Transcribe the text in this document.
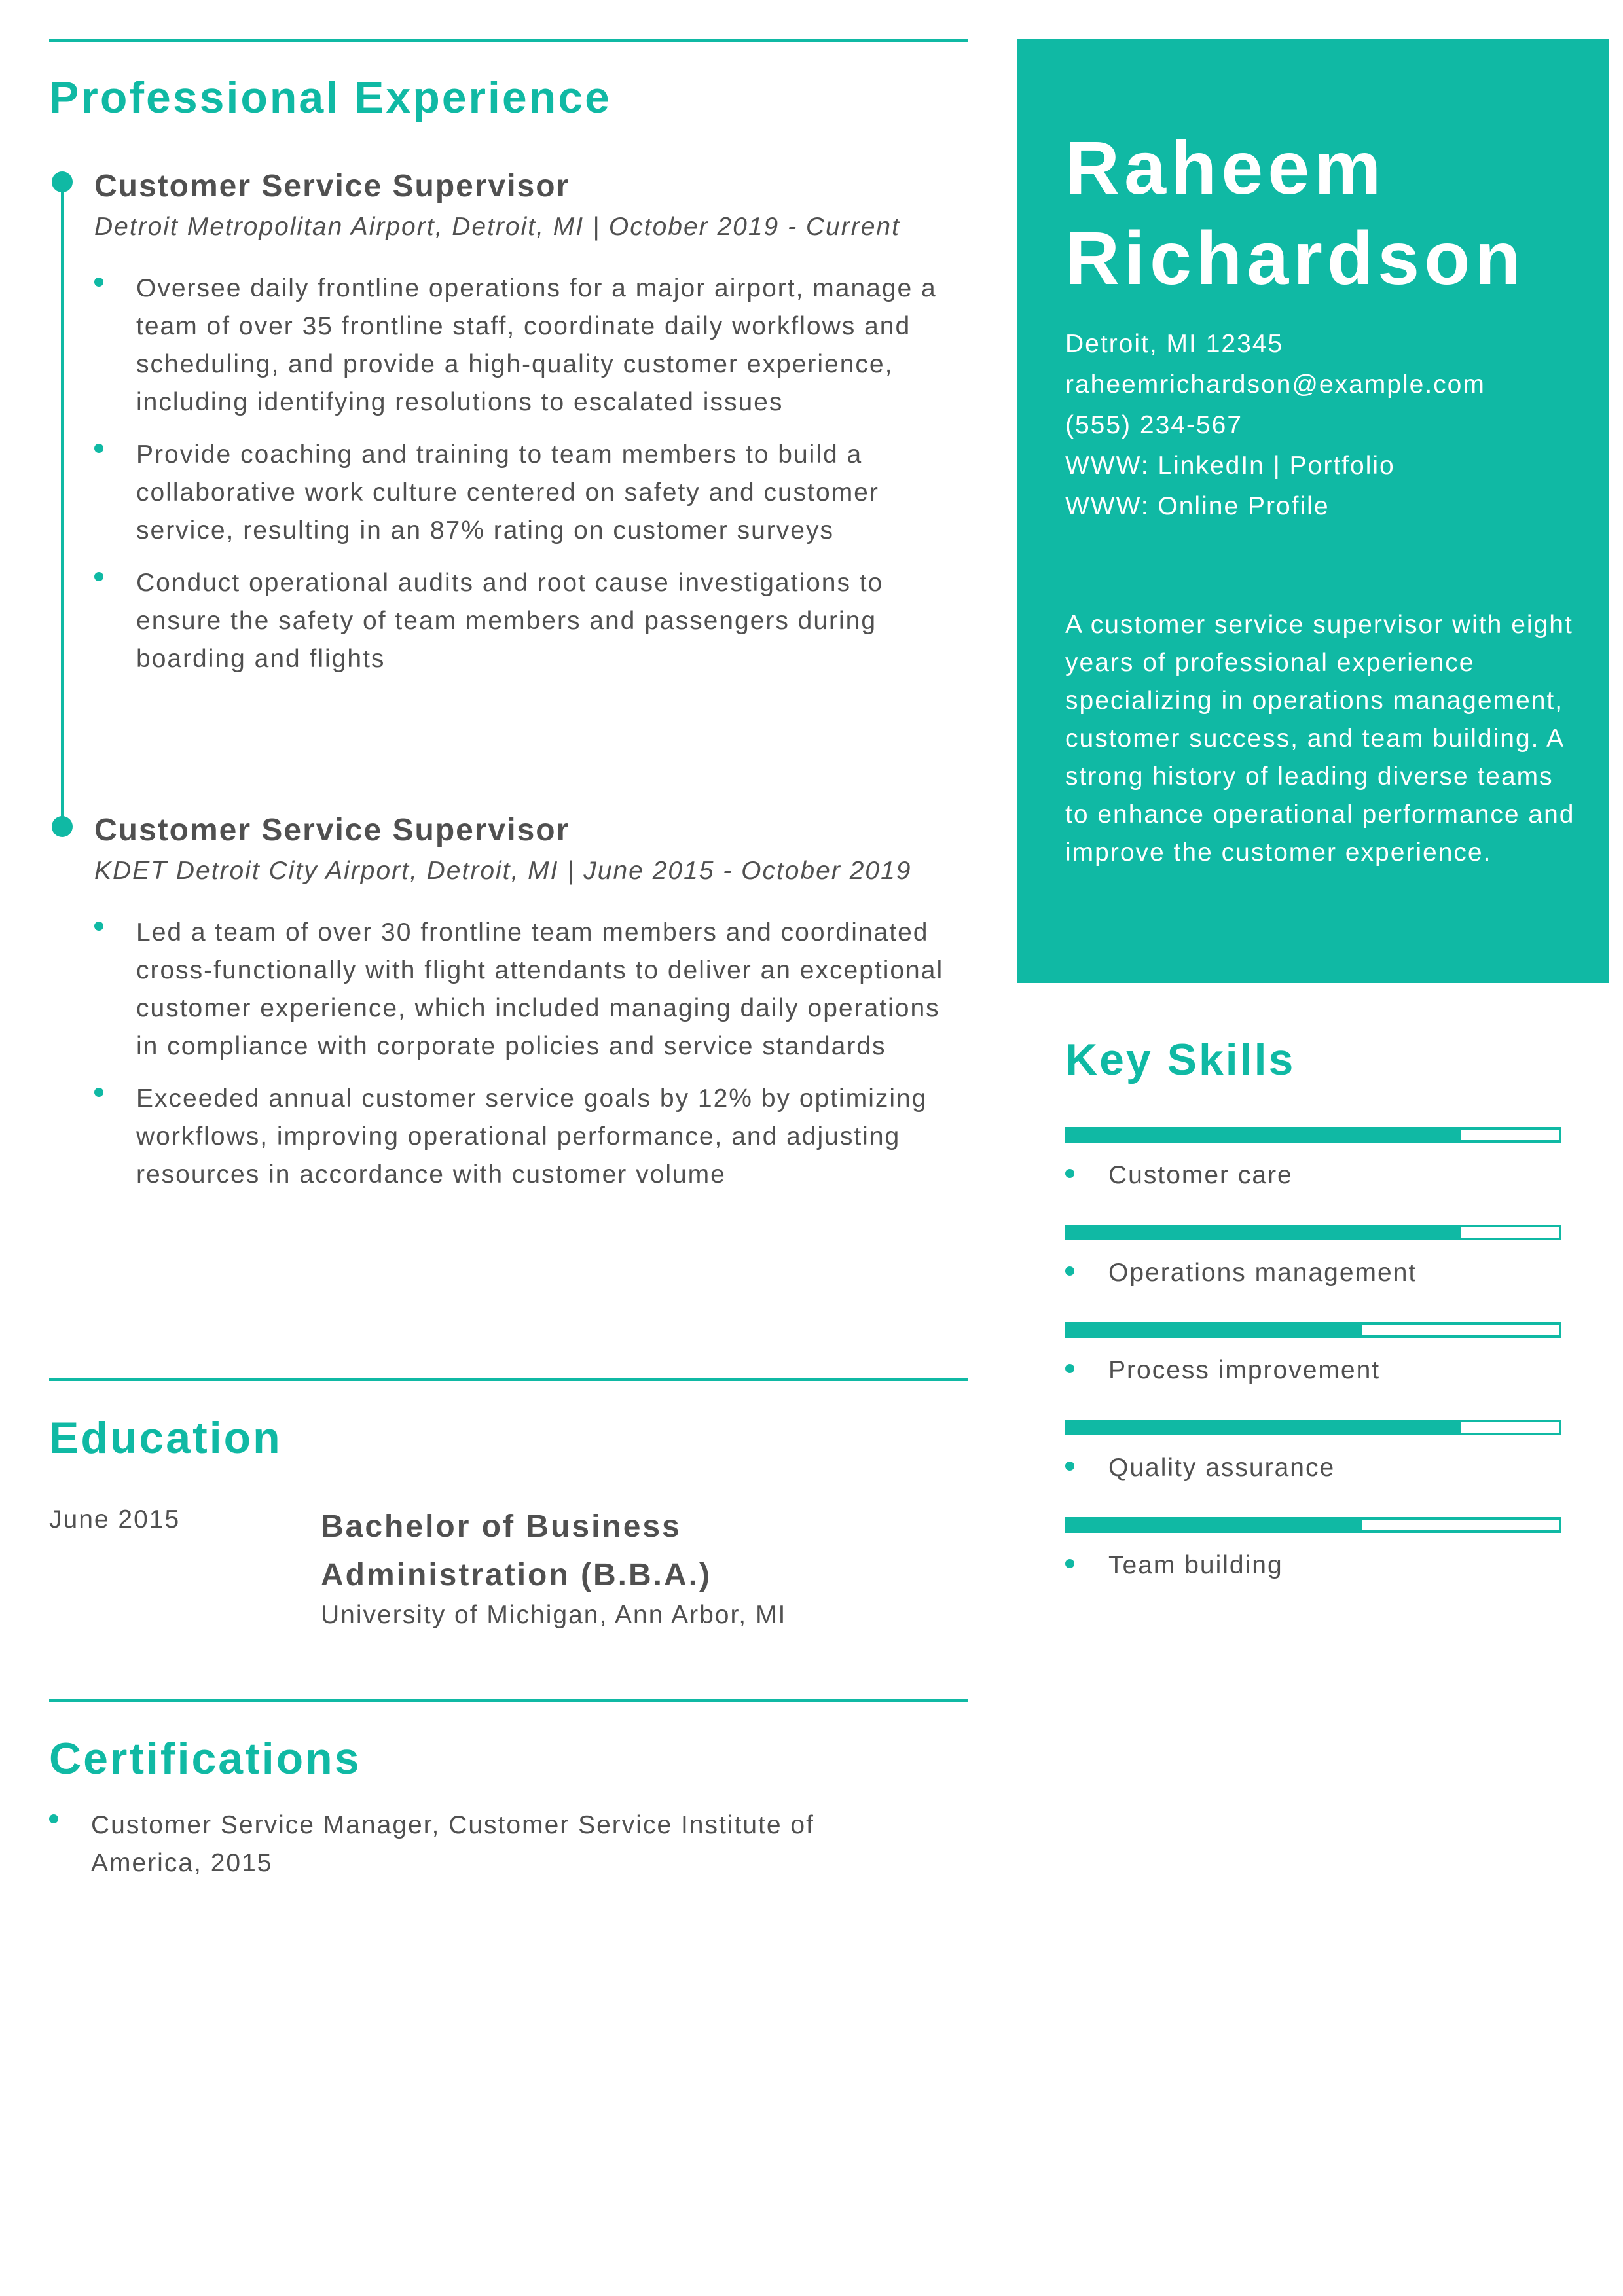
Professional Experience
Customer Service Supervisor
Detroit Metropolitan Airport, Detroit, MI | October 2019 - Current
Oversee daily frontline operations for a major airport, manage a team of over 35 frontline staff, coordinate daily workflows and scheduling, and provide a high-quality customer experience, including identifying resolutions to escalated issues
Provide coaching and training to team members to build a collaborative work culture centered on safety and customer service, resulting in an 87% rating on customer surveys
Conduct operational audits and root cause investigations to ensure the safety of team members and passengers during boarding and flights
Customer Service Supervisor
KDET Detroit City Airport, Detroit, MI | June 2015 - October 2019
Led a team of over 30 frontline team members and coordinated cross-functionally with flight attendants to deliver an exceptional customer experience, which included managing daily operations in compliance with corporate policies and service standards
Exceeded annual customer service goals by 12% by optimizing workflows, improving operational performance, and adjusting resources in accordance with customer volume
Education
June 2015	Bachelor of Business Administration (B.B.A.)
University of Michigan, Ann Arbor, MI
Certifications
Customer Service Manager, Customer Service Institute of America, 2015
Raheem
Richardson
Detroit, MI 12345
raheemrichardson@example.com
(555) 234-567
WWW: LinkedIn | Portfolio
WWW: Online Profile
A customer service supervisor with eight years of professional experience specializing in operations management, customer success, and team building. A strong history of leading diverse teams to enhance operational performance and improve the customer experience.
Key Skills
Customer care
Operations management
Process improvement
Quality assurance
Team building
